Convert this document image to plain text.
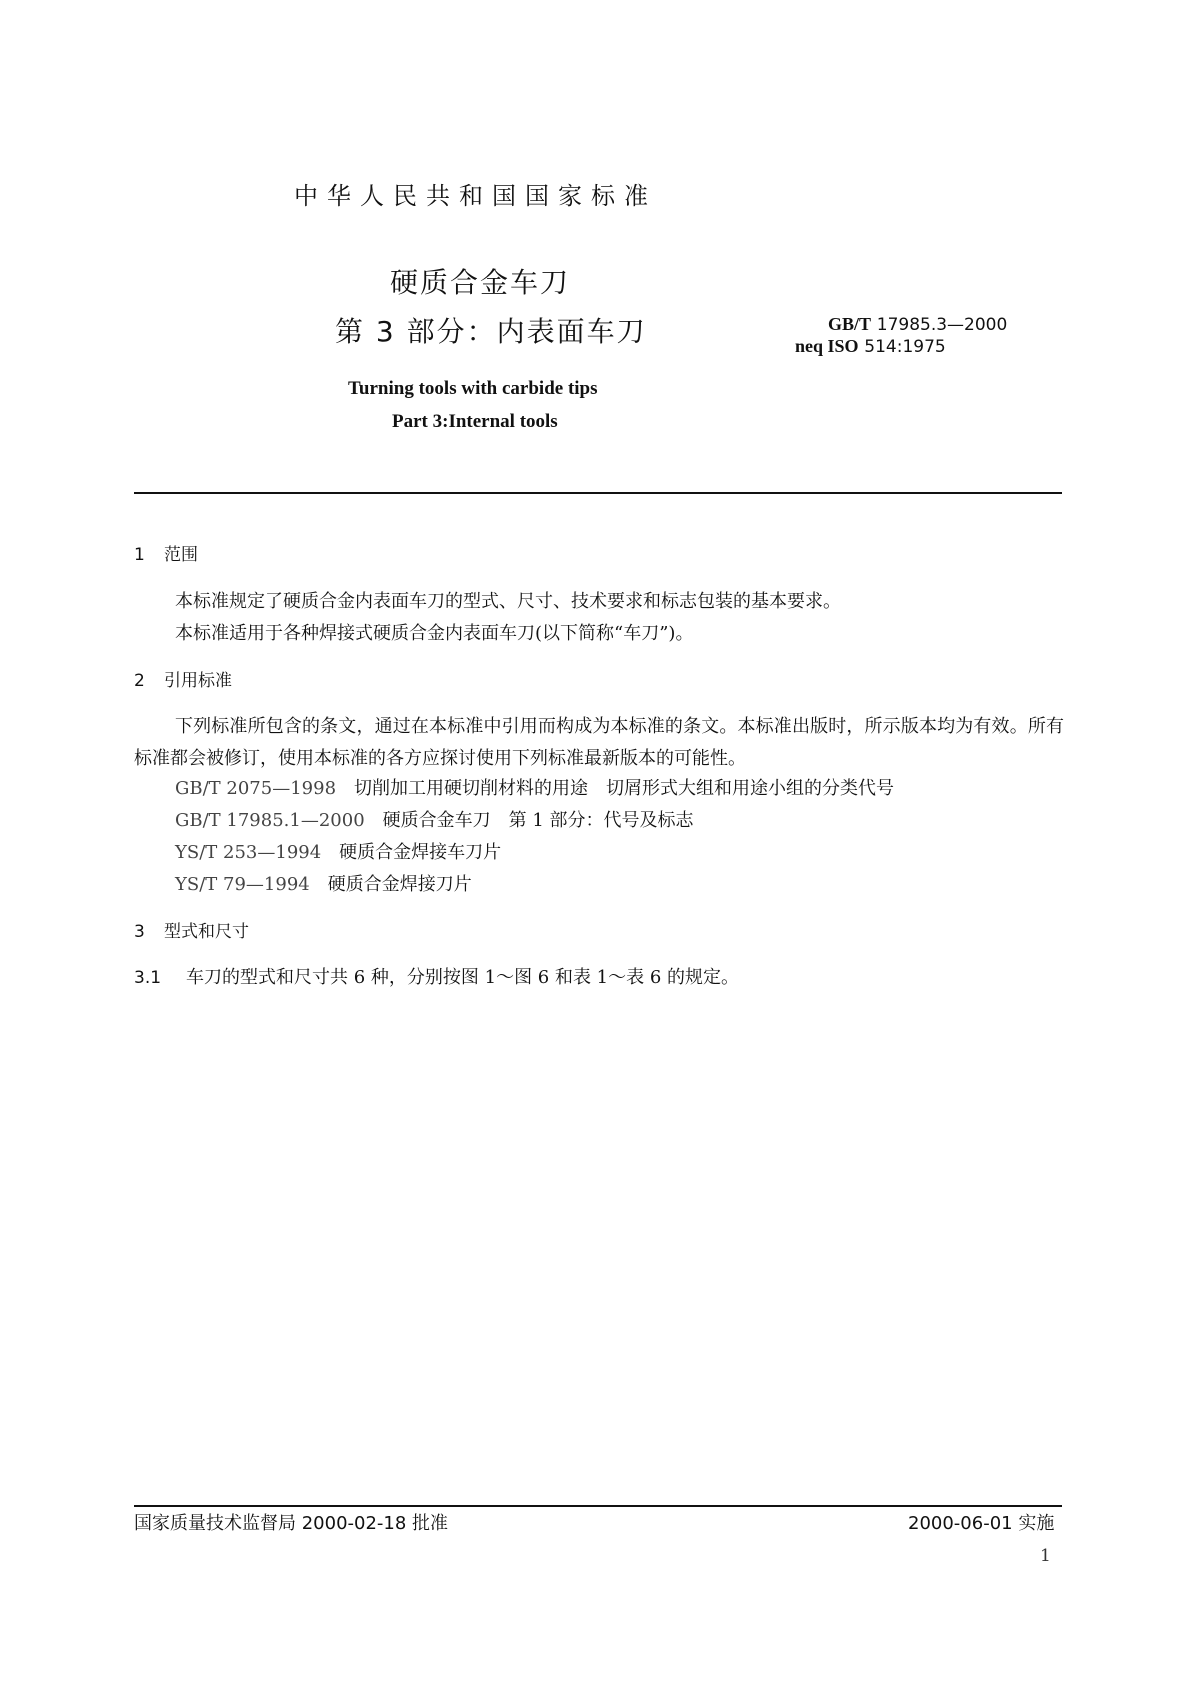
中华人民共和国国家标准
硬质合金车刀
第 3 部分：内表面车刀	GB/T 17985.3—2000
neq ISO 514:1975
Turning tools with carbide tips
Part 3:Internal tools
1 范围
本标准规定了硬质合金内表面车刀的型式、尺寸、技术要求和标志包装的基本要求。
本标准适用于各种焊接式硬质合金内表面车刀(以下简称“车刀”)。
2 引用标准
下列标准所包含的条文，通过在本标准中引用而构成为本标准的条文。本标准出版时，所示版本均为有效。所有标准都会被修订，使用本标准的各方应探讨使用下列标准最新版本的可能性。
GB/T 2075—1998　 切削加工用硬切削材料的用途　切屑形式大组和用途小组的分类代号
GB/T 17985.1—2000　 硬质合金车刀　第 1 部分：代号及标志
YS/T 253—1994　 硬质合金焊接车刀片
YS/T 79—1994　 硬质合金焊接刀片
3 型式和尺寸
3.1 车刀的型式和尺寸共 6 种，分别按图 1～图 6 和表 1～表 6 的规定。
国家质量技术监督局 2000-02-18 批准	2000-06-01 实施
1
